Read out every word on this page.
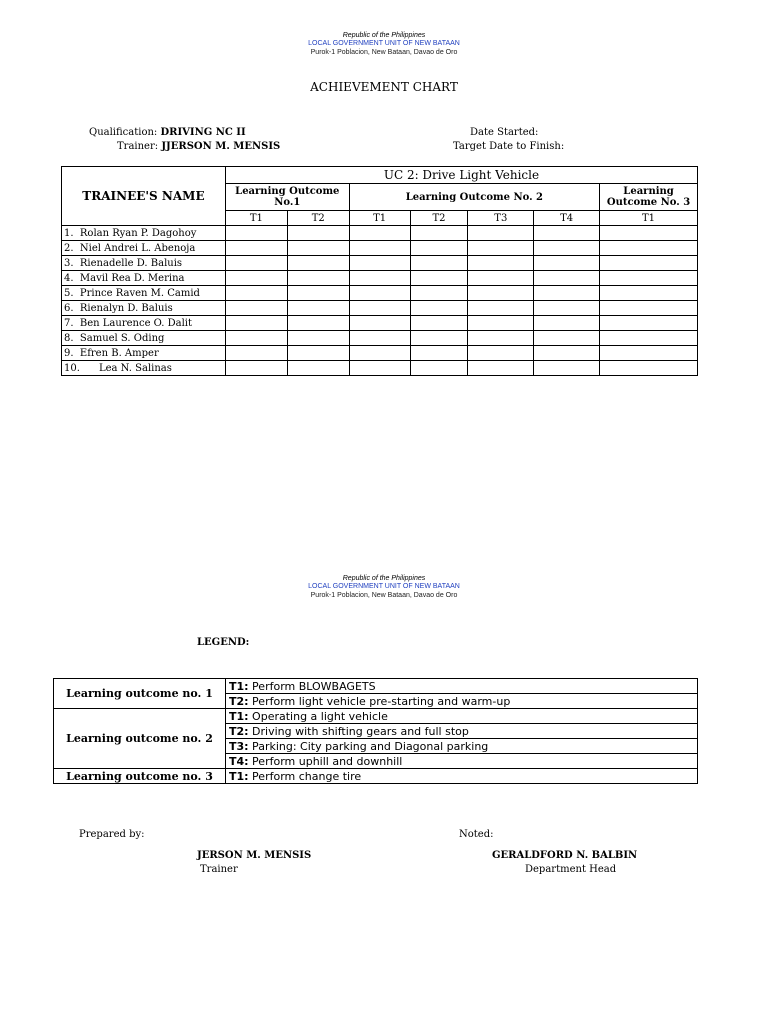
Republic of the Philippines
LOCAL GOVERNMENT UNIT OF NEW BATAAN
Purok-1 Poblacion, New Bataan, Davao de Oro
ACHIEVEMENT CHART
Qualification: DRIVING NC II
Trainer: JJERSON M. MENSIS
Date Started:
Target Date to Finish:
TRAINEE'S NAME	UC 2: Drive Light Vehicle						
	Learning Outcome No.1		Learning Outcome No. 2				Learning Outcome No. 3
	T1	T2	T1	T2	T3	T4	T1
1.  Rolan Ryan P. Dagohoy							
2.  Niel Andrei L. Abenoja							
3.  Rienadelle D. Baluis							
4.  Mavil Rea D. Merina							
5.  Prince Raven M. Camid							
6.  Rienalyn D. Baluis							
7.  Ben Laurence O. Dalit							
8.  Samuel S. Oding							
9.  Efren B. Amper							
10.      Lea N. Salinas							
Republic of the Philippines
LOCAL GOVERNMENT UNIT OF NEW BATAAN
Purok-1 Poblacion, New Bataan, Davao de Oro
LEGEND:
Learning outcome no. 1	T1: Perform BLOWBAGETS
	T2: Perform light vehicle pre-starting and warm-up
Learning outcome no. 2	T1: Operating a light vehicle
	T2: Driving with shifting gears and full stop
	T3: Parking: City parking and Diagonal parking
	T4: Perform uphill and downhill
Learning outcome no. 3	T1: Perform change tire
Prepared by:
JERSON M. MENSIS
Trainer
Noted:
GERALDFORD N. BALBIN
Department Head
